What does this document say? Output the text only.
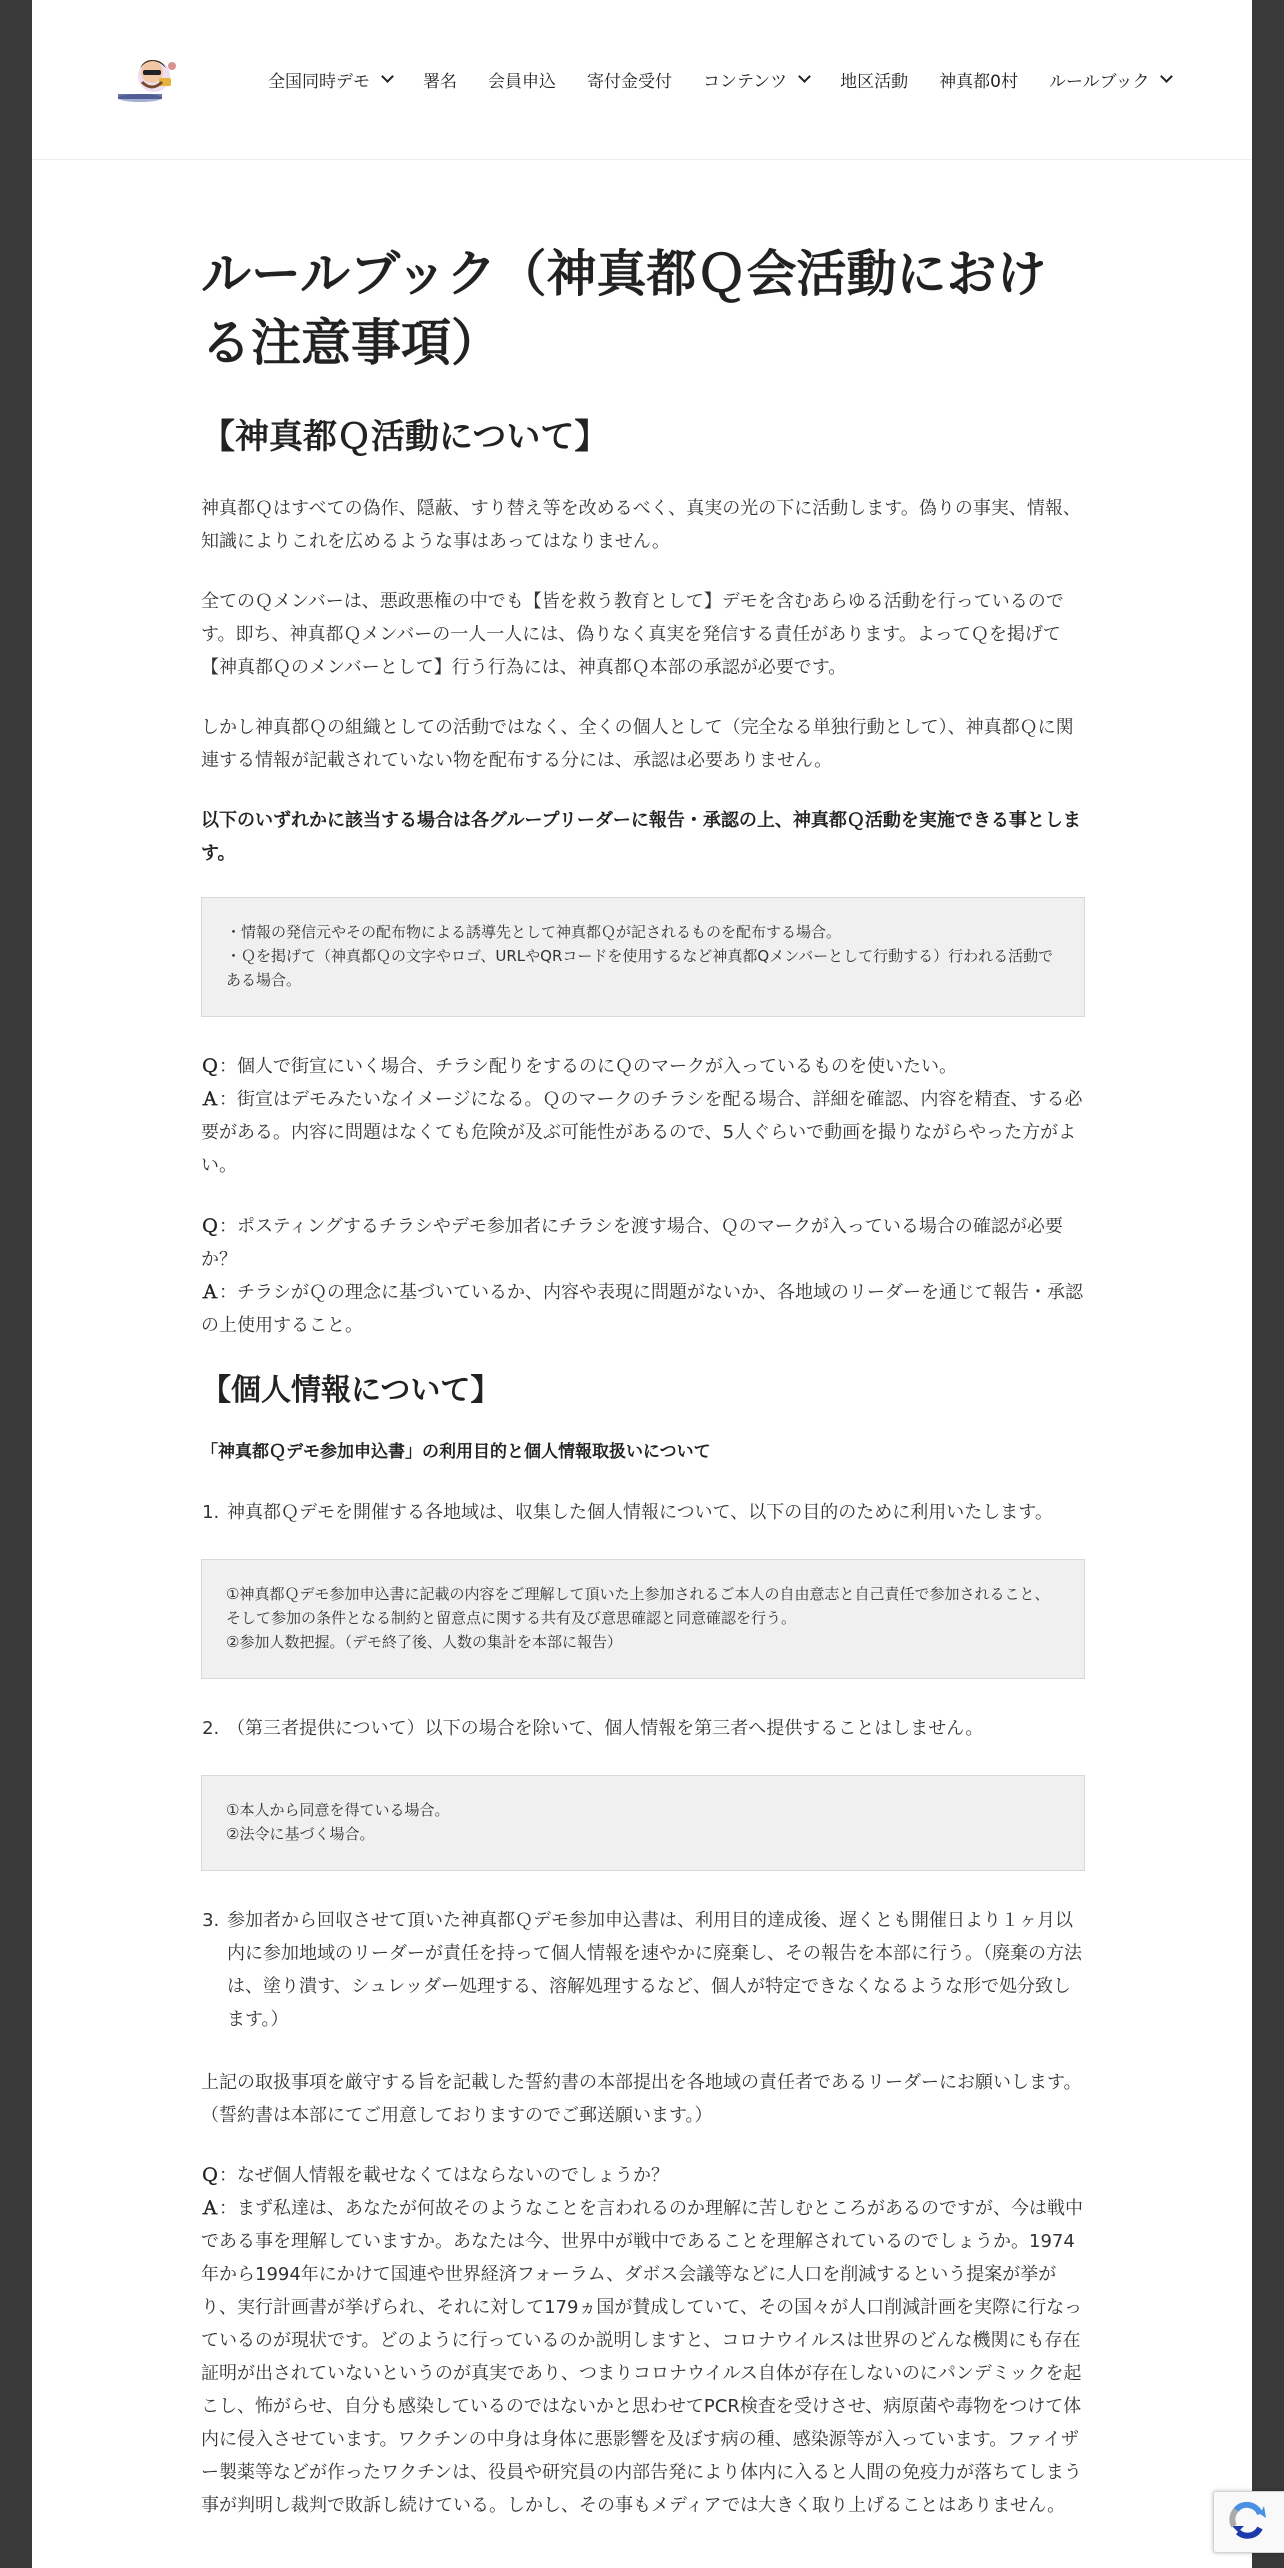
全国同時デモ	署名 会員申込 寄付金受付 コンテンツ	地区活動 神真都0村 ルールブック
ルールブック（神真都Ｑ会活動における注意事項）
【神真都Ｑ活動について】

神真都Ｑはすべての偽作、隠蔽、すり替え等を改めるべく、真実の光の下に活動します。偽りの事実、情報、知識によりこれを広めるような事はあってはなりません。

全てのＱメンバーは、悪政悪権の中でも【皆を救う教育として】デモを含むあらゆる活動を行っているのです。即ち、神真都Ｑメンバーの一人一人には、偽りなく真実を発信する責任があります。よってＱを掲げて【神真都Ｑのメンバーとして】行う行為には、神真都Ｑ本部の承認が必要です。

しかし神真都Ｑの組織としての活動ではなく、全くの個人として（完全なる単独行動として）、神真都Ｑに関連する情報が記載されていない物を配布する分には、承認は必要ありません。

以下のいずれかに該当する場合は各グループリーダーに報告・承認の上、神真都Ｑ活動を実施できる事とします。

・情報の発信元やその配布物による誘導先として神真都Ｑが記されるものを配布する場合。
・Ｑを掲げて（神真都Ｑの文字やロゴ、URLやQRコードを使用するなど神真都Qメンバーとして行動する）行われる活動である場合。
Ｑ：個人で街宣にいく場合、チラシ配りをするのにＱのマークが入っているものを使いたい。
Ａ：街宣はデモみたいなイメージになる。Ｑのマークのチラシを配る場合、詳細を確認、内容を精査、する必要がある。内容に問題はなくても危険が及ぶ可能性があるので、5人ぐらいで動画を撮りながらやった方がよい。
Ｑ：ポスティングするチラシやデモ参加者にチラシを渡す場合、Ｑのマークが入っている場合の確認が必要か？
Ａ：チラシがＱの理念に基づいているか、内容や表現に問題がないか、各地域のリーダーを通じて報告・承認の上使用すること。
【個人情報について】

「神真都Ｑデモ参加申込書」の利用目的と個人情報取扱いについて

1. 神真都Ｑデモを開催する各地域は、収集した個人情報について、以下の目的のために利用いたします。
①神真都Ｑデモ参加申込書に記載の内容をご理解して頂いた上参加されるご本人の自由意志と自己責任で参加されること、そして参加の条件となる制約と留意点に関する共有及び意思確認と同意確認を行う。
②参加人数把握。（デモ終了後、人数の集計を本部に報告）
2. （第三者提供について）以下の場合を除いて、個人情報を第三者へ提供することはしません。
①本人から同意を得ている場合。
②法令に基づく場合。
3. 参加者から回収させて頂いた神真都Ｑデモ参加申込書は、利用目的達成後、遅くとも開催日より１ヶ月以内に参加地域のリーダーが責任を持って個人情報を速やかに廃棄し、その報告を本部に行う。（廃棄の方法は、塗り潰す、シュレッダー処理する、溶解処理するなど、個人が特定できなくなるような形で処分致します。）

上記の取扱事項を厳守する旨を記載した誓約書の本部提出を各地域の責任者であるリーダーにお願いします。（誓約書は本部にてご用意しておりますのでご郵送願います。）

Ｑ：なぜ個人情報を載せなくてはならないのでしょうか？
Ａ：まず私達は、あなたが何故そのようなことを言われるのか理解に苦しむところがあるのですが、今は戦中である事を理解していますか。あなたは今、世界中が戦中であることを理解されているのでしょうか。1974年から1994年にかけて国連や世界経済フォーラム、ダボス会議等などに人口を削減するという提案が挙がり、実行計画書が挙げられ、それに対して179ヵ国が賛成していて、その国々が人口削減計画を実際に行なっているのが現状です。どのように行っているのか説明しますと、コロナウイルスは世界のどんな機関にも存在証明が出されていないというのが真実であり、つまりコロナウイルス自体が存在しないのにパンデミックを起こし、怖がらせ、自分も感染しているのではないかと思わせてPCR検査を受けさせ、病原菌や毒物をつけて体内に侵入させています。ワクチンの中身は身体に悪影響を及ぼす病の種、感染源等が入っています。ファイザー製薬等などが作ったワクチンは、役員や研究員の内部告発により体内に入ると人間の免疫力が落ちてしまう事が判明し裁判で敗訴し続けている。しかし、その事もメディアでは大きく取り上げることはありません。
